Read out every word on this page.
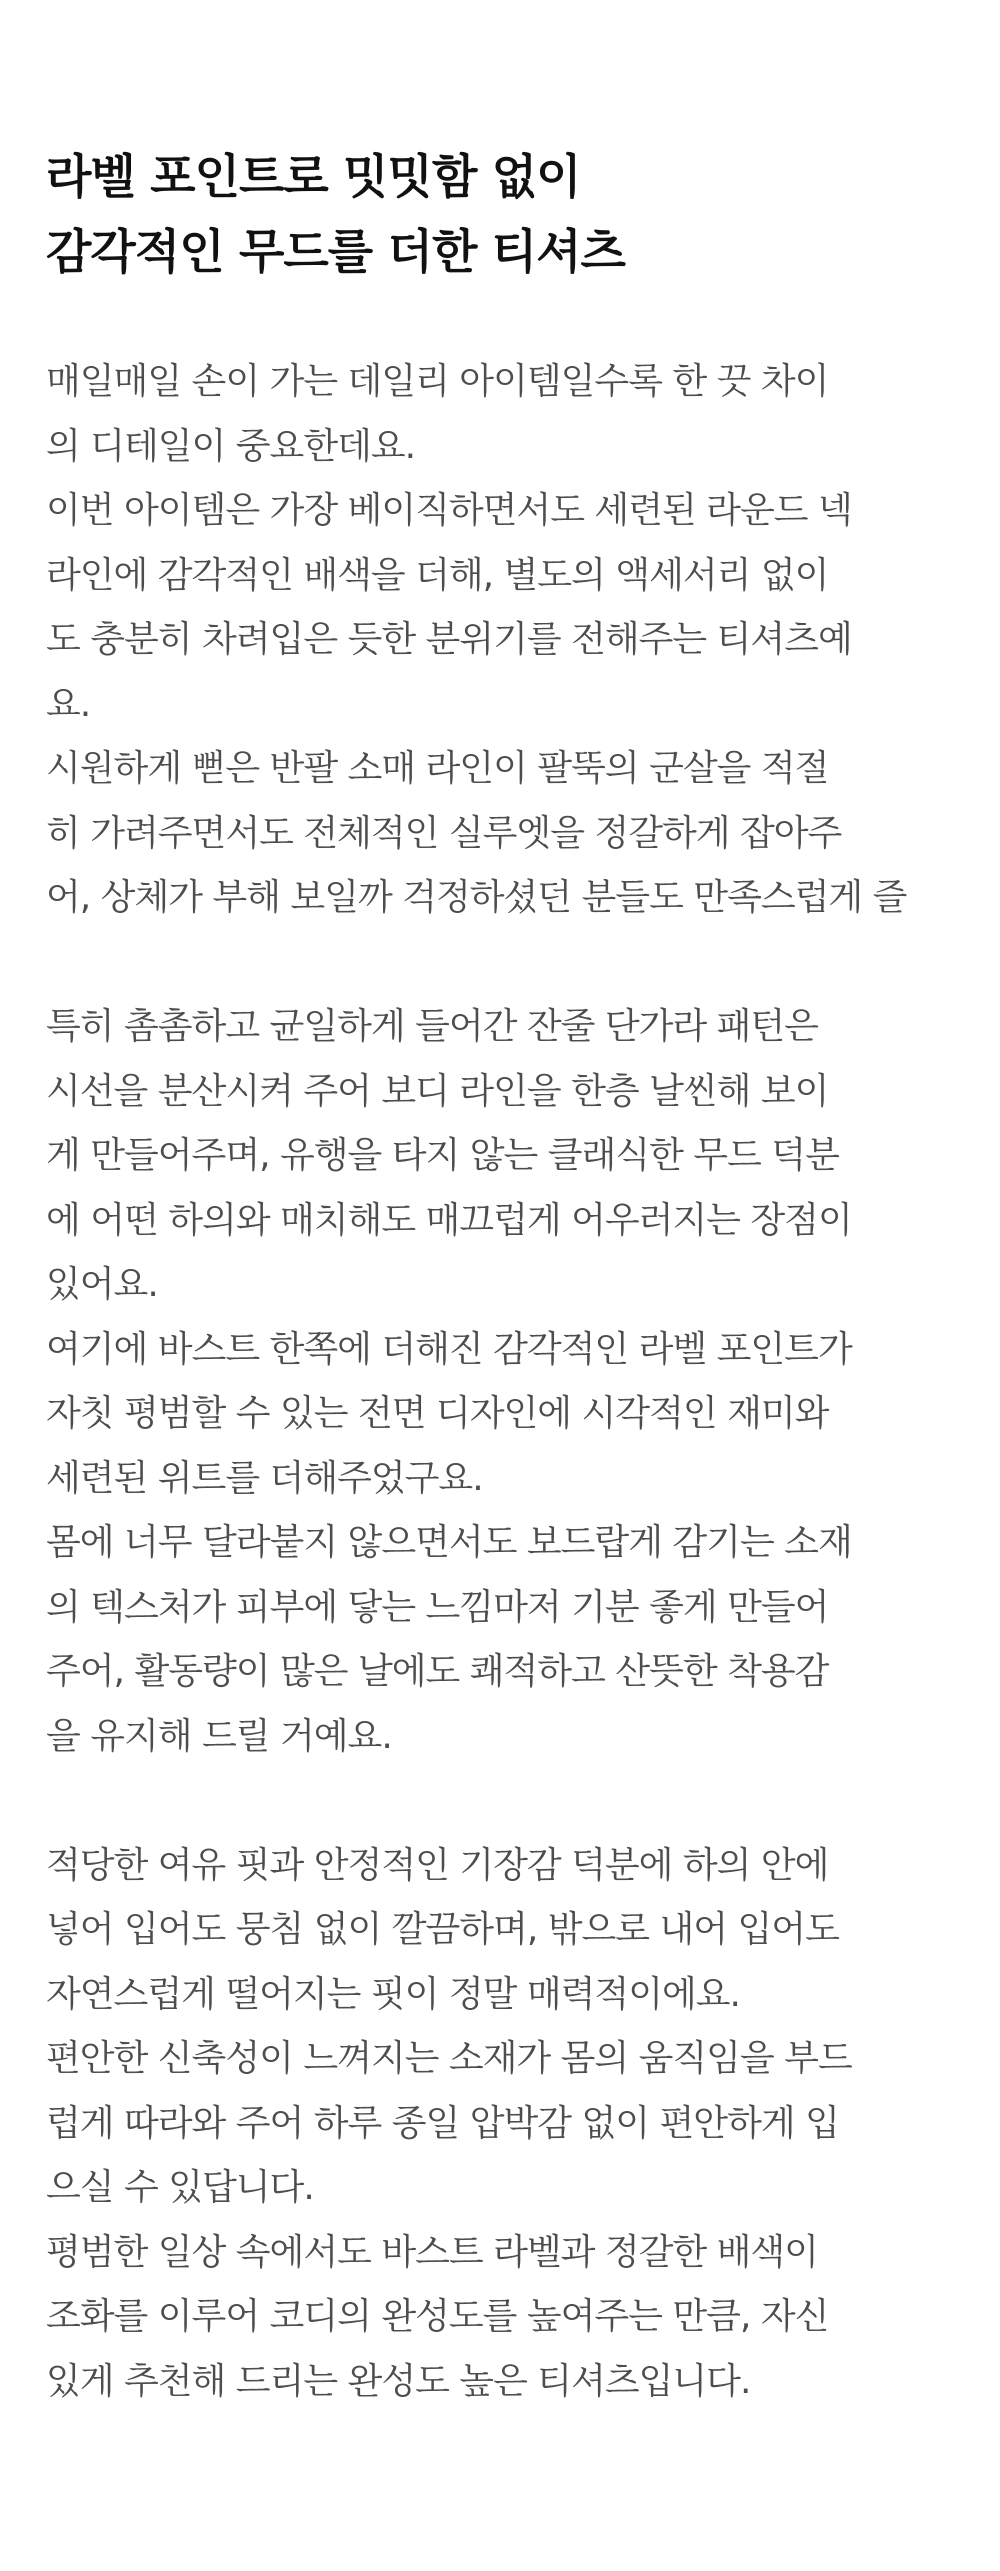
라벨 포인트로 밋밋함 없이
감각적인 무드를 더한 티셔츠
매일매일 손이 가는 데일리 아이템일수록 한 끗 차이
의 디테일이 중요한데요.
이번 아이템은 가장 베이직하면서도 세련된 라운드 넥
라인에 감각적인 배색을 더해, 별도의 액세서리 없이
도 충분히 차려입은 듯한 분위기를 전해주는 티셔츠예
요.
시원하게 뻗은 반팔 소매 라인이 팔뚝의 군살을 적절
히 가려주면서도 전체적인 실루엣을 정갈하게 잡아주
어, 상체가 부해 보일까 걱정하셨던 분들도 만족스럽게 즐
특히 촘촘하고 균일하게 들어간 잔줄 단가라 패턴은
시선을 분산시켜 주어 보디 라인을 한층 날씬해 보이
게 만들어주며, 유행을 타지 않는 클래식한 무드 덕분
에 어떤 하의와 매치해도 매끄럽게 어우러지는 장점이
있어요.
여기에 바스트 한쪽에 더해진 감각적인 라벨 포인트가
자칫 평범할 수 있는 전면 디자인에 시각적인 재미와
세련된 위트를 더해주었구요.
몸에 너무 달라붙지 않으면서도 보드랍게 감기는 소재
의 텍스처가 피부에 닿는 느낌마저 기분 좋게 만들어
주어, 활동량이 많은 날에도 쾌적하고 산뜻한 착용감
을 유지해 드릴 거예요.
적당한 여유 핏과 안정적인 기장감 덕분에 하의 안에
넣어 입어도 뭉침 없이 깔끔하며, 밖으로 내어 입어도
자연스럽게 떨어지는 핏이 정말 매력적이에요.
편안한 신축성이 느껴지는 소재가 몸의 움직임을 부드
럽게 따라와 주어 하루 종일 압박감 없이 편안하게 입
으실 수 있답니다.
평범한 일상 속에서도 바스트 라벨과 정갈한 배색이
조화를 이루어 코디의 완성도를 높여주는 만큼, 자신
있게 추천해 드리는 완성도 높은 티셔츠입니다.
